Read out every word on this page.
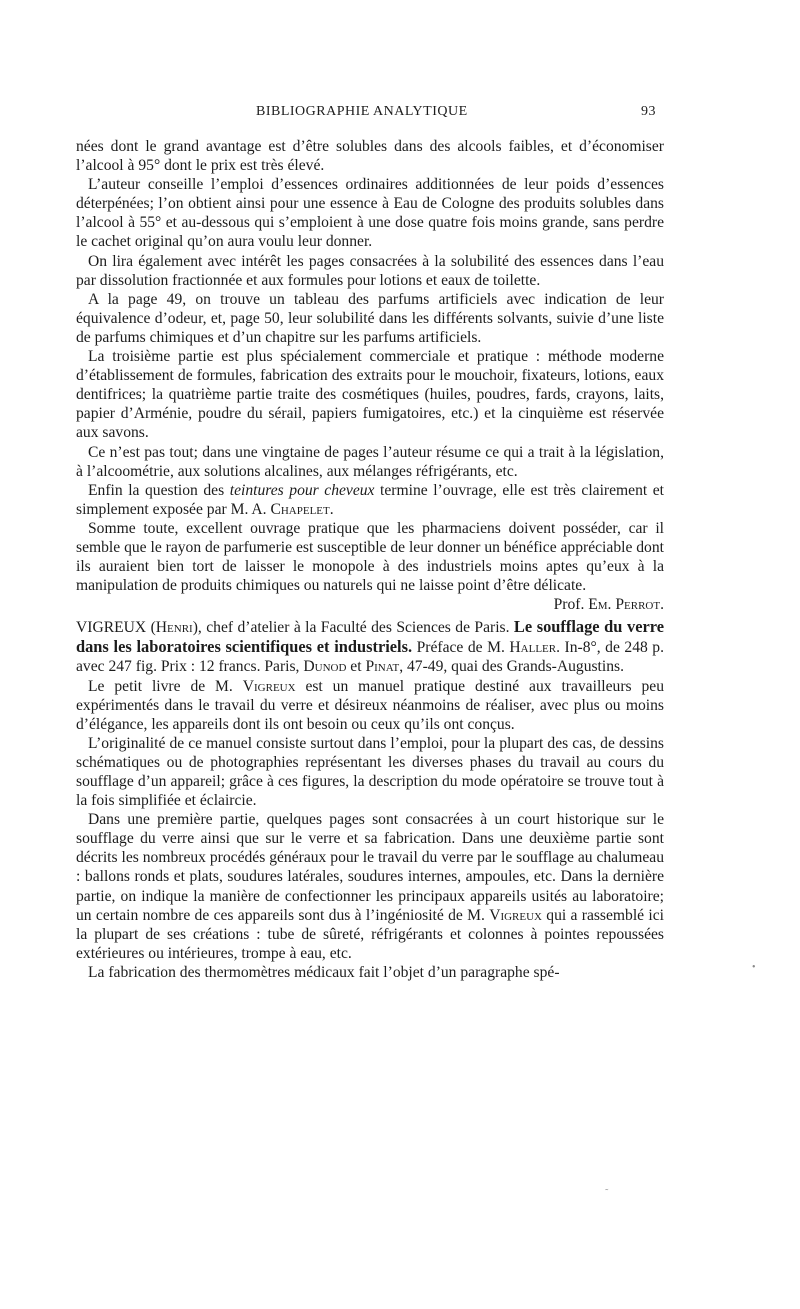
BIBLIOGRAPHIE ANALYTIQUE	93

nées dont le grand avantage est d’être solubles dans des alcools faibles, et d’économiser l’alcool à 95° dont le prix est très élevé.

L’auteur conseille l’emploi d’essences ordinaires additionnées de leur poids d’essences déterpénées; l’on obtient ainsi pour une essence à Eau de Cologne des produits solubles dans l’alcool à 55° et au-dessous qui s’emploient à une dose quatre fois moins grande, sans perdre le cachet original qu’on aura voulu leur donner.

On lira également avec intérêt les pages consacrées à la solubilité des essences dans l’eau par dissolution fractionnée et aux formules pour lotions et eaux de toilette.

A la page 49, on trouve un tableau des parfums artificiels avec indication de leur équivalence d’odeur, et, page 50, leur solubilité dans les différents solvants, suivie d’une liste de parfums chimiques et d’un chapitre sur les parfums artificiels.

La troisième partie est plus spécialement commerciale et pratique : méthode moderne d’établissement de formules, fabrication des extraits pour le mouchoir, fixateurs, lotions, eaux dentifrices; la quatrième partie traite des cosmétiques (huiles, poudres, fards, crayons, laits, papier d’Arménie, poudre du sérail, papiers fumigatoires, etc.) et la cinquième est réservée aux savons.

Ce n’est pas tout; dans une vingtaine de pages l’auteur résume ce qui a trait à la législation, à l’alcoométrie, aux solutions alcalines, aux mélanges réfrigérants, etc.

Enfin la question des teintures pour cheveux termine l’ouvrage, elle est très clairement et simplement exposée par M. A. Chapelet.

Somme toute, excellent ouvrage pratique que les pharmaciens doivent posséder, car il semble que le rayon de parfumerie est susceptible de leur donner un bénéfice appréciable dont ils auraient bien tort de laisser le monopole à des industriels moins aptes qu’eux à la manipulation de produits chimiques ou naturels qui ne laisse point d’être délicate.
Prof. Em. Perrot.

VIGREUX (Henri), chef d’atelier à la Faculté des Sciences de Paris. Le soufflage du verre dans les laboratoires scientifiques et industriels. Préface de M. Haller. In-8°, de 248 p. avec 247 fig. Prix : 12 francs. Paris, Dunod et Pinat, 47-49, quai des Grands-Augustins.

Le petit livre de M. Vigreux est un manuel pratique destiné aux travailleurs peu expérimentés dans le travail du verre et désireux néanmoins de réaliser, avec plus ou moins d’élégance, les appareils dont ils ont besoin ou ceux qu’ils ont conçus.

L’originalité de ce manuel consiste surtout dans l’emploi, pour la plupart des cas, de dessins schématiques ou de photographies représentant les diverses phases du travail au cours du soufflage d’un appareil; grâce à ces figures, la description du mode opératoire se trouve tout à la fois simplifiée et éclaircie.

Dans une première partie, quelques pages sont consacrées à un court historique sur le soufflage du verre ainsi que sur le verre et sa fabrication. Dans une deuxième partie sont décrits les nombreux procédés généraux pour le travail du verre par le soufflage au chalumeau : ballons ronds et plats, soudures latérales, soudures internes, ampoules, etc. Dans la dernière partie, on indique la manière de confectionner les principaux appareils usités au laboratoire; un certain nombre de ces appareils sont dus à l’ingéniosité de M. Vigreux qui a rassemblé ici la plupart de ses créations : tube de sûreté, réfrigérants et colonnes à pointes repoussées extérieures ou intérieures, trompe à eau, etc.

La fabrication des thermomètres médicaux fait l’objet d’un paragraphe spé-	•
˜
